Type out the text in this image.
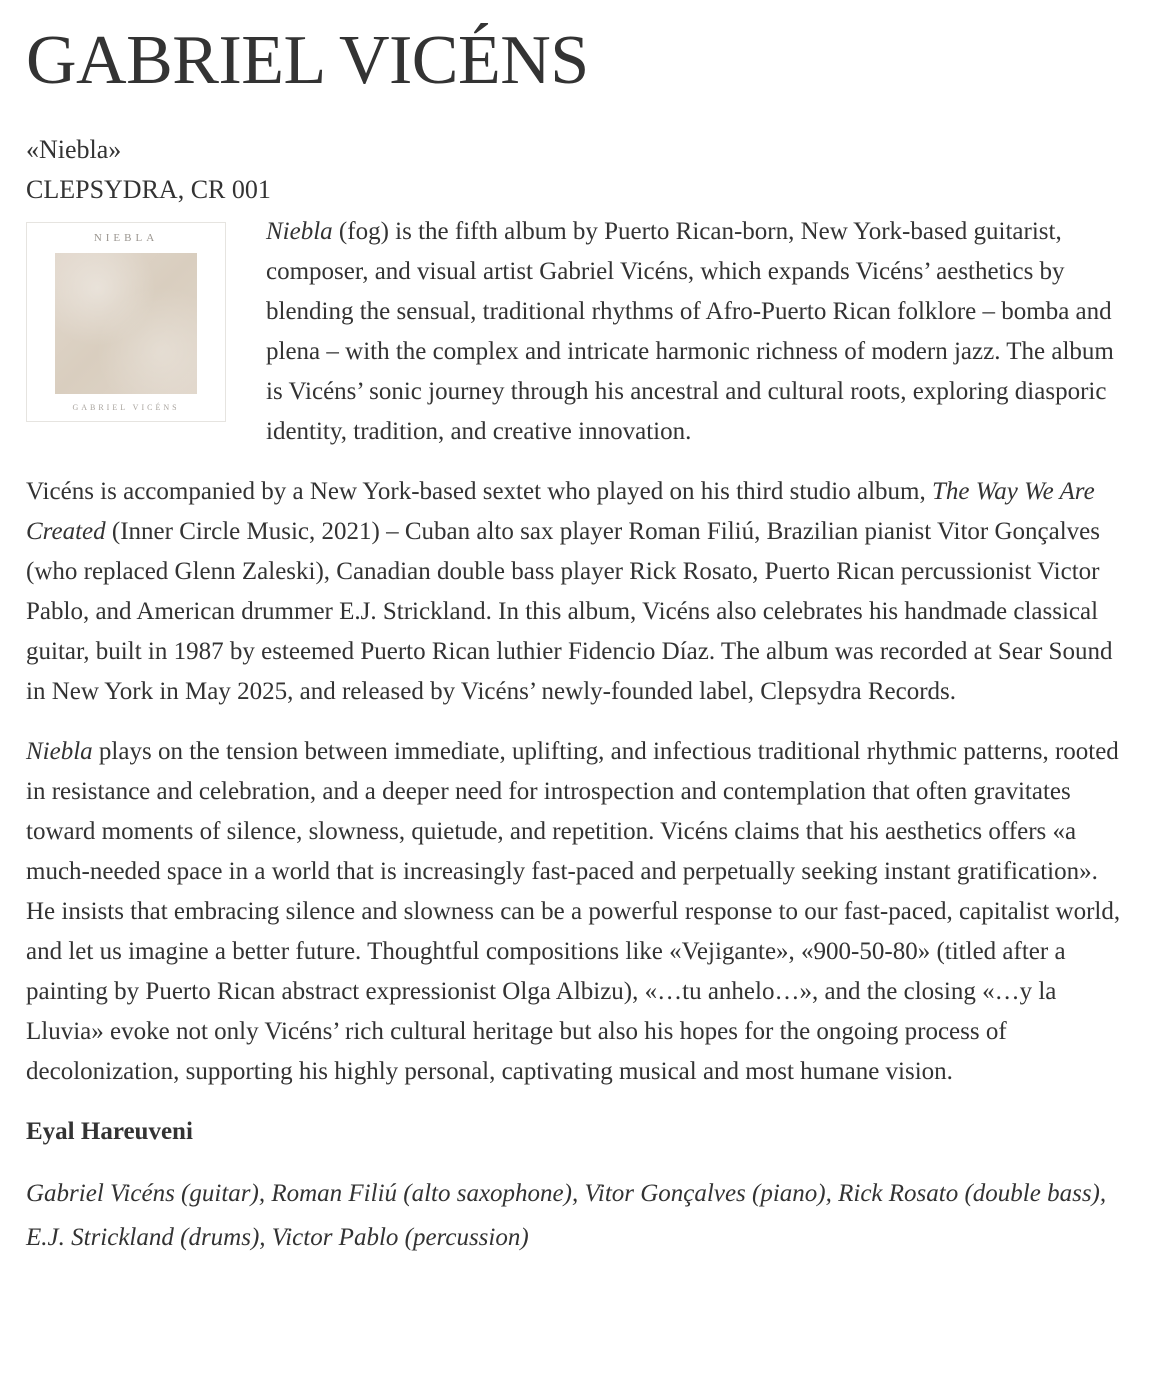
GABRIEL VICÉNS
«Niebla»
CLEPSYDRA, CR 001
NIEBLA
GABRIEL VICÉNS

Niebla (fog) is the fifth album by Puerto Rican-born, New York-based guitarist, composer, and visual artist Gabriel Vicéns, which expands Vicéns’ aesthetics by blending the sensual, traditional rhythms of Afro-Puerto Rican folklore – bomba and plena – with the complex and intricate harmonic richness of modern jazz. The album is Vicéns’ sonic journey through his ancestral and cultural roots, exploring diasporic identity, tradition, and creative innovation.

Vicéns is accompanied by a New York-based sextet who played on his third studio album, The Way We Are Created (Inner Circle Music, 2021) – Cuban alto sax player Roman Filiú, Brazilian pianist Vitor Gonçalves (who replaced Glenn Zaleski), Canadian double bass player Rick Rosato, Puerto Rican percussionist Victor Pablo, and American drummer E.J. Strickland. In this album, Vicéns also celebrates his handmade classical guitar, built in 1987 by esteemed Puerto Rican luthier Fidencio Díaz. The album was recorded at Sear Sound in New York in May 2025, and released by Vicéns’ newly-founded label, Clepsydra Records.

Niebla plays on the tension between immediate, uplifting, and infectious traditional rhythmic patterns, rooted in resistance and celebration, and a deeper need for introspection and contemplation that often gravitates toward moments of silence, slowness, quietude, and repetition. Vicéns claims that his aesthetics offers «a much-needed space in a world that is increasingly fast-paced and perpetually seeking instant gratification». He insists that embracing silence and slowness can be a powerful response to our fast-paced, capitalist world, and let us imagine a better future. Thoughtful compositions like «Vejigante», «900-50-80» (titled after a painting by Puerto Rican abstract expressionist Olga Albizu), «…tu anhelo…», and the closing «…y la Lluvia» evoke not only Vicéns’ rich cultural heritage but also his hopes for the ongoing process of decolonization, supporting his highly personal, captivating musical and most humane vision.

Eyal Hareuveni

Gabriel Vicéns (guitar), Roman Filiú (alto saxophone), Vitor Gonçalves (piano), Rick Rosato (double bass), E.J. Strickland (drums), Victor Pablo (percussion)
